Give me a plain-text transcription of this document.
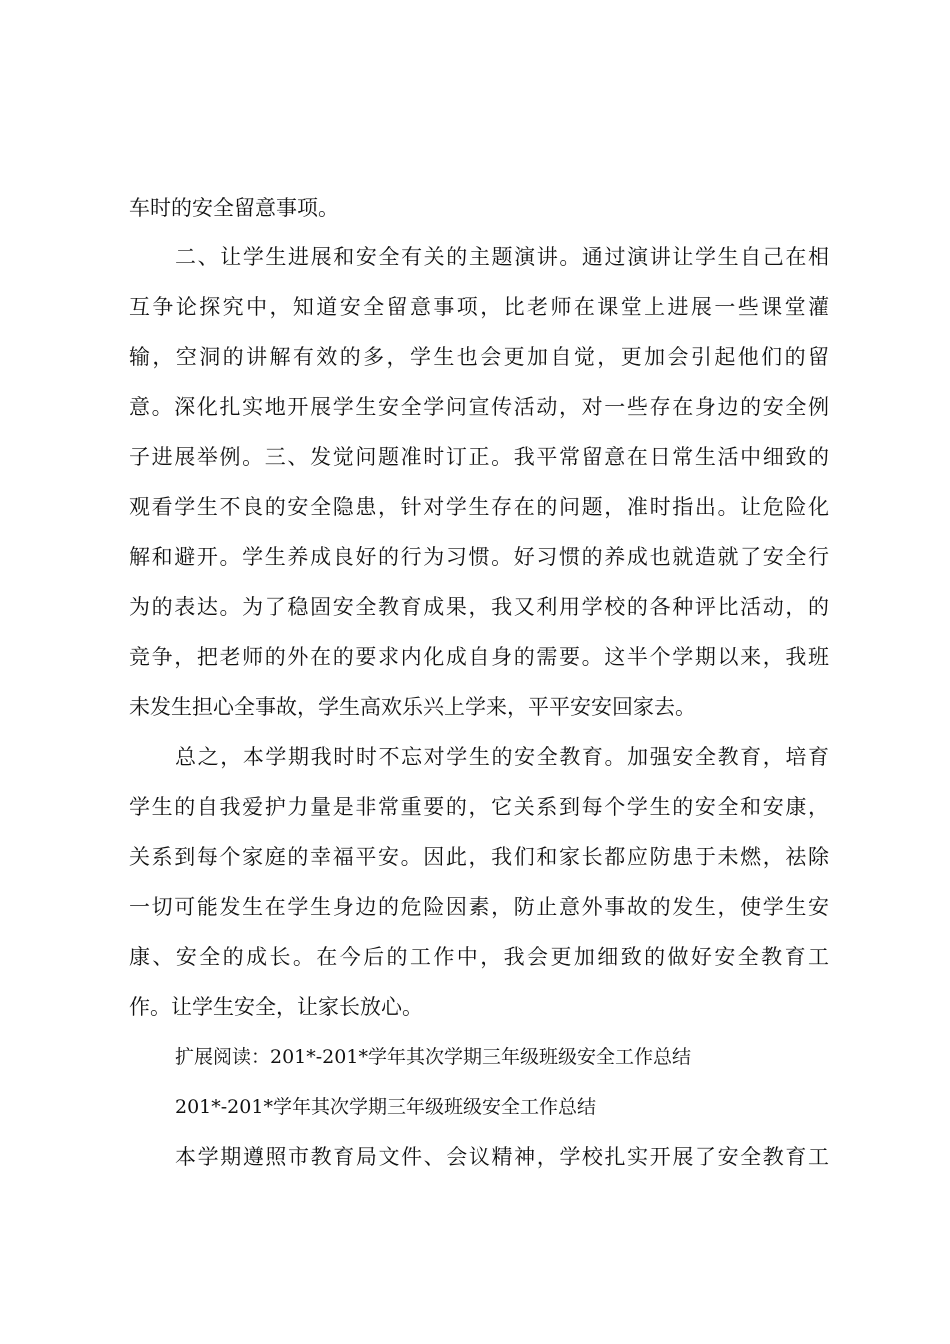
车时的安全留意事项。
二、让学生进展和安全有关的主题演讲。通过演讲让学生自己在相
互争论探究中，知道安全留意事项，比老师在课堂上进展一些课堂灌
输，空洞的讲解有效的多，学生也会更加自觉，更加会引起他们的留
意。深化扎实地开展学生安全学问宣传活动，对一些存在身边的安全例
子进展举例。三、发觉问题准时订正。我平常留意在日常生活中细致的
观看学生不良的安全隐患，针对学生存在的问题，准时指出。让危险化
解和避开。学生养成良好的行为习惯。好习惯的养成也就造就了安全行
为的表达。为了稳固安全教育成果，我又利用学校的各种评比活动，的
竞争，把老师的外在的要求内化成自身的需要。这半个学期以来，我班
未发生担心全事故，学生高欢乐兴上学来，平平安安回家去。
总之，本学期我时时不忘对学生的安全教育。加强安全教育，培育
学生的自我爱护力量是非常重要的，它关系到每个学生的安全和安康，
关系到每个家庭的幸福平安。因此，我们和家长都应防患于未燃，祛除
一切可能发生在学生身边的危险因素，防止意外事故的发生，使学生安
康、安全的成长。在今后的工作中，我会更加细致的做好安全教育工
作。让学生安全，让家长放心。
扩展阅读：201*-201*学年其次学期三年级班级安全工作总结
201*-201*学年其次学期三年级班级安全工作总结
本学期遵照市教育局文件、会议精神，学校扎实开展了安全教育工
